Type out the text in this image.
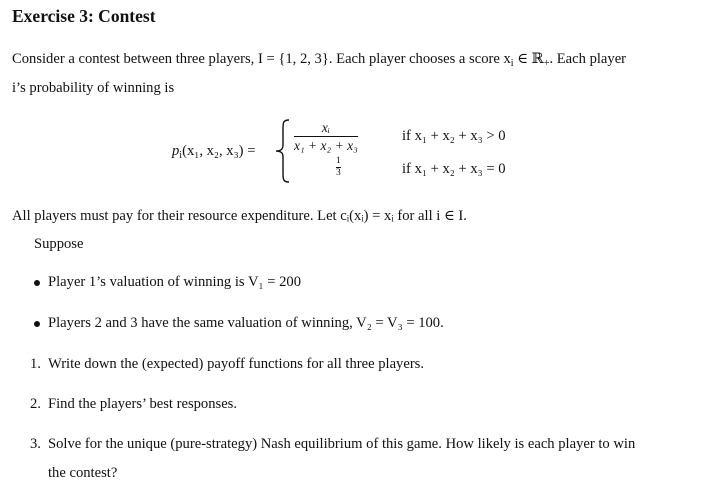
Exercise 3: Contest
Consider a contest between three players, I = {1, 2, 3}. Each player chooses a score $x_i$ ∈ ℝ$_+$. Each player
i’s probability of winning is
$p_i(x_1$, x₂, x₃) =
xᵢ
x₁ + x₂ + x₃
if x₁ + x₂ + x₃ > 0
1
3	if x₁ + x₂ + x₃ = 0
All players must pay for their resource expenditure. Let cᵢ(xᵢ) = xᵢ for all i ∈ I.
Suppose
Player 1’s valuation of winning is V₁ = 200
Players 2 and 3 have the same valuation of winning, V₂ = V₃ = 100.
1. Write down the (expected) payoff functions for all three players.
2. Find the players’ best responses.
3. Solve for the unique (pure-strategy) Nash equilibrium of this game. How likely is each player to win
the contest?
